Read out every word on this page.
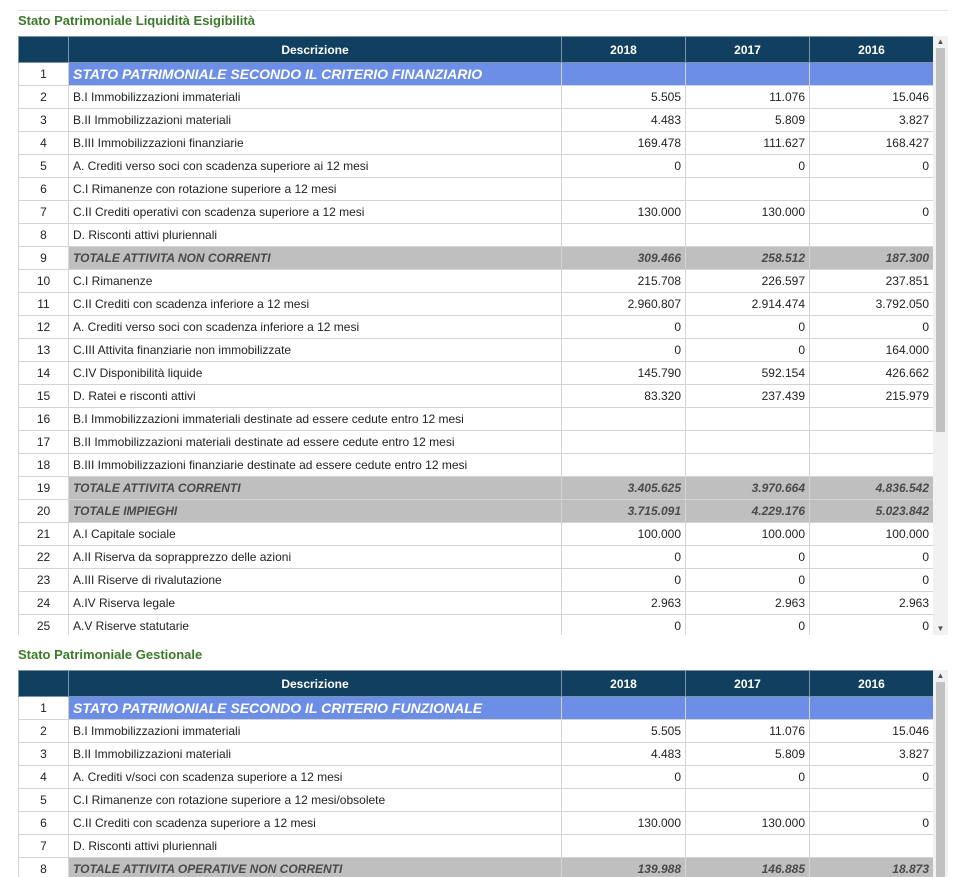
Stato Patrimoniale Liquidità Esigibilità
	Descrizione	2018	2017	2016
1	STATO PATRIMONIALE SECONDO IL CRITERIO FINANZIARIO			
2	B.I Immobilizzazioni immateriali	5.505	11.076	15.046
3	B.II Immobilizzazioni materiali	4.483	5.809	3.827
4	B.III Immobilizzazioni finanziarie	169.478	111.627	168.427
5	A. Crediti verso soci con scadenza superiore ai 12 mesi	0	0	0
6	C.I Rimanenze con rotazione superiore a 12 mesi			
7	C.II Crediti operativi con scadenza superiore a 12 mesi	130.000	130.000	0
8	D. Risconti attivi pluriennali			
9	TOTALE ATTIVITA NON CORRENTI	309.466	258.512	187.300
10	C.I Rimanenze	215.708	226.597	237.851
11	C.II Crediti con scadenza inferiore a 12 mesi	2.960.807	2.914.474	3.792.050
12	A. Crediti verso soci con scadenza inferiore a 12 mesi	0	0	0
13	C.III Attivita finanziarie non immobilizzate	0	0	164.000
14	C.IV Disponibilità liquide	145.790	592.154	426.662
15	D. Ratei e risconti attivi	83.320	237.439	215.979
16	B.I Immobilizzazioni immateriali destinate ad essere cedute entro 12 mesi			
17	B.II Immobilizzazioni materiali destinate ad essere cedute entro 12 mesi			
18	B.III Immobilizzazioni finanziarie destinate ad essere cedute entro 12 mesi			
19	TOTALE ATTIVITA CORRENTI	3.405.625	3.970.664	4.836.542
20	TOTALE IMPIEGHI	3.715.091	4.229.176	5.023.842
21	A.I Capitale sociale	100.000	100.000	100.000
22	A.II Riserva da soprapprezzo delle azioni	0	0	0
23	A.III Riserve di rivalutazione	0	0	0
24	A.IV Riserva legale	2.963	2.963	2.963
25	A.V Riserve statutarie	0	0	0
▲
▼
Stato Patrimoniale Gestionale
	Descrizione	2018	2017	2016
1	STATO PATRIMONIALE SECONDO IL CRITERIO FUNZIONALE			
2	B.I Immobilizzazioni immateriali	5.505	11.076	15.046
3	B.II Immobilizzazioni materiali	4.483	5.809	3.827
4	A. Crediti v/soci con scadenza superiore a 12 mesi	0	0	0
5	C.I Rimanenze con rotazione superiore a 12 mesi/obsolete			
6	C.II Crediti con scadenza superiore a 12 mesi	130.000	130.000	0
7	D. Risconti attivi pluriennali			
8	TOTALE ATTIVITA OPERATIVE NON CORRENTI	139.988	146.885	18.873
▲
